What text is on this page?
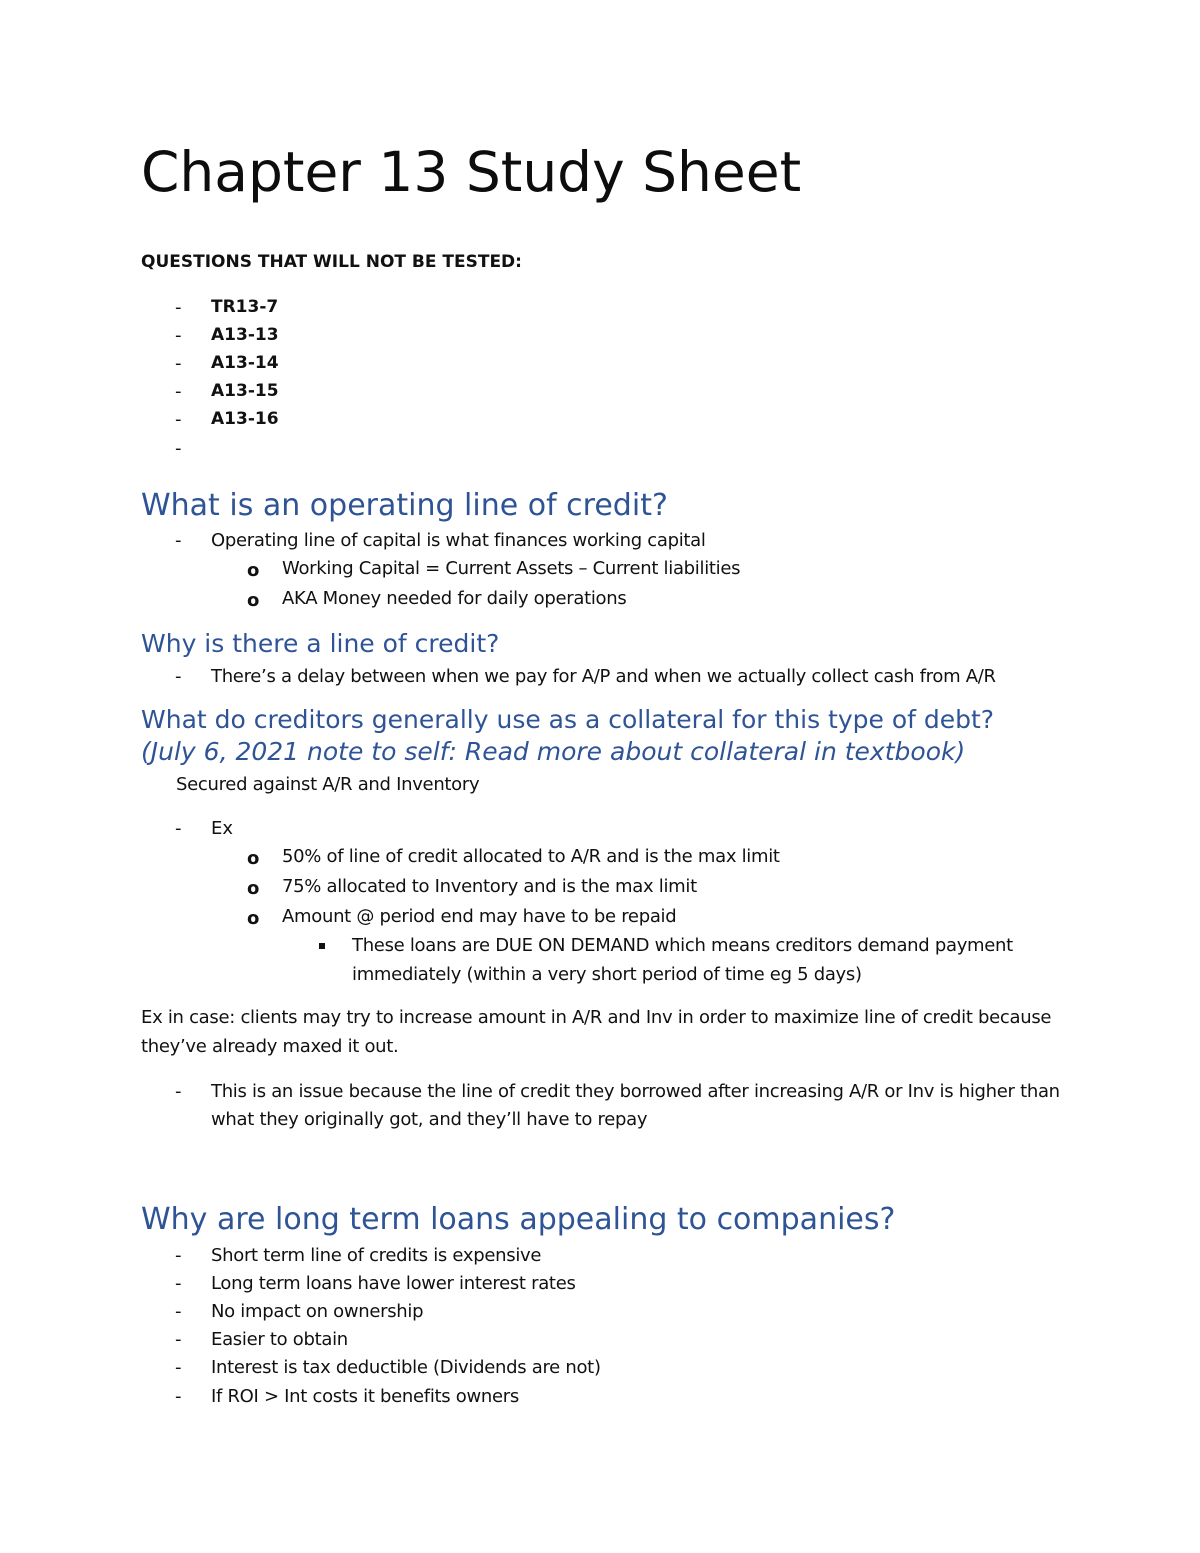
Chapter 13 Study Sheet
QUESTIONS THAT WILL NOT BE TESTED:
- TR13-7
- A13-13
- A13-14
- A13-15
- A13-16
-
What is an operating line of credit?
- Operating line of capital is what finances working capital
o Working Capital = Current Assets – Current liabilities
o AKA Money needed for daily operations
Why is there a line of credit?
- There’s a delay between when we pay for A/P and when we actually collect cash from A/R
What do creditors generally use as a collateral for this type of debt?
(July 6, 2021 note to self: Read more about collateral in textbook)
Secured against A/R and Inventory
- Ex
o 50% of line of credit allocated to A/R and is the max limit
o 75% allocated to Inventory and is the max limit
o Amount @ period end may have to be repaid
These loans are DUE ON DEMAND which means creditors demand payment
immediately (within a very short period of time eg 5 days)
Ex in case: clients may try to increase amount in A/R and Inv in order to maximize line of credit because
they’ve already maxed it out.
- This is an issue because the line of credit they borrowed after increasing A/R or Inv is higher than
what they originally got, and they’ll have to repay
Why are long term loans appealing to companies?
- Short term line of credits is expensive
- Long term loans have lower interest rates
- No impact on ownership
- Easier to obtain
- Interest is tax deductible (Dividends are not)
- If ROI > Int costs it benefits owners
